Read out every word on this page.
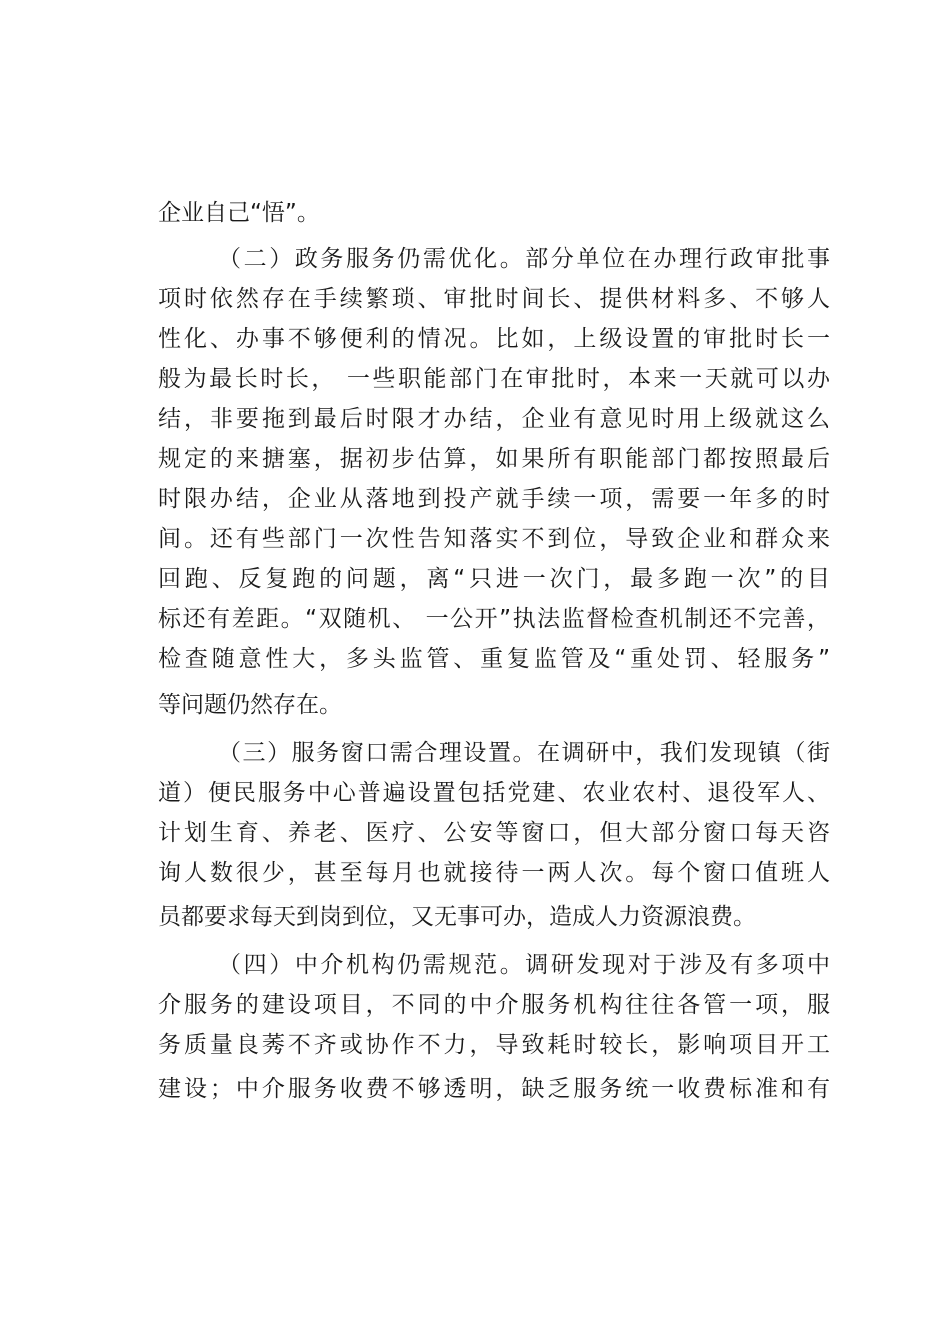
企业自己“悟”。
（二）政务服务仍需优化。部分单位在办理行政审批事
项时依然存在手续繁琐、审批时间长、提供材料多、不够人
性化、办事不够便利的情况。比如，上级设置的审批时长一
般为最长时长， 一些职能部门在审批时，本来一天就可以办
结，非要拖到最后时限才办结，企业有意见时用上级就这么
规定的来搪塞，据初步估算，如果所有职能部门都按照最后
时限办结，企业从落地到投产就手续一项，需要一年多的时
间。还有些部门一次性告知落实不到位，导致企业和群众来
回跑、反复跑的问题，离“只进一次门，最多跑一次”的目
标还有差距。“双随机、 一公开”执法监督检查机制还不完善，
检查随意性大，多头监管、重复监管及“重处罚、轻服务”
等问题仍然存在。
（三）服务窗口需合理设置。在调研中，我们发现镇（街
道）便民服务中心普遍设置包括党建、农业农村、退役军人、
计划生育、养老、医疗、公安等窗口，但大部分窗口每天咨
询人数很少，甚至每月也就接待一两人次。每个窗口值班人
员都要求每天到岗到位，又无事可办，造成人力资源浪费。
（四）中介机构仍需规范。调研发现对于涉及有多项中
介服务的建设项目，不同的中介服务机构往往各管一项，服
务质量良莠不齐或协作不力，导致耗时较长，影响项目开工
建设；中介服务收费不够透明，缺乏服务统一收费标准和有
